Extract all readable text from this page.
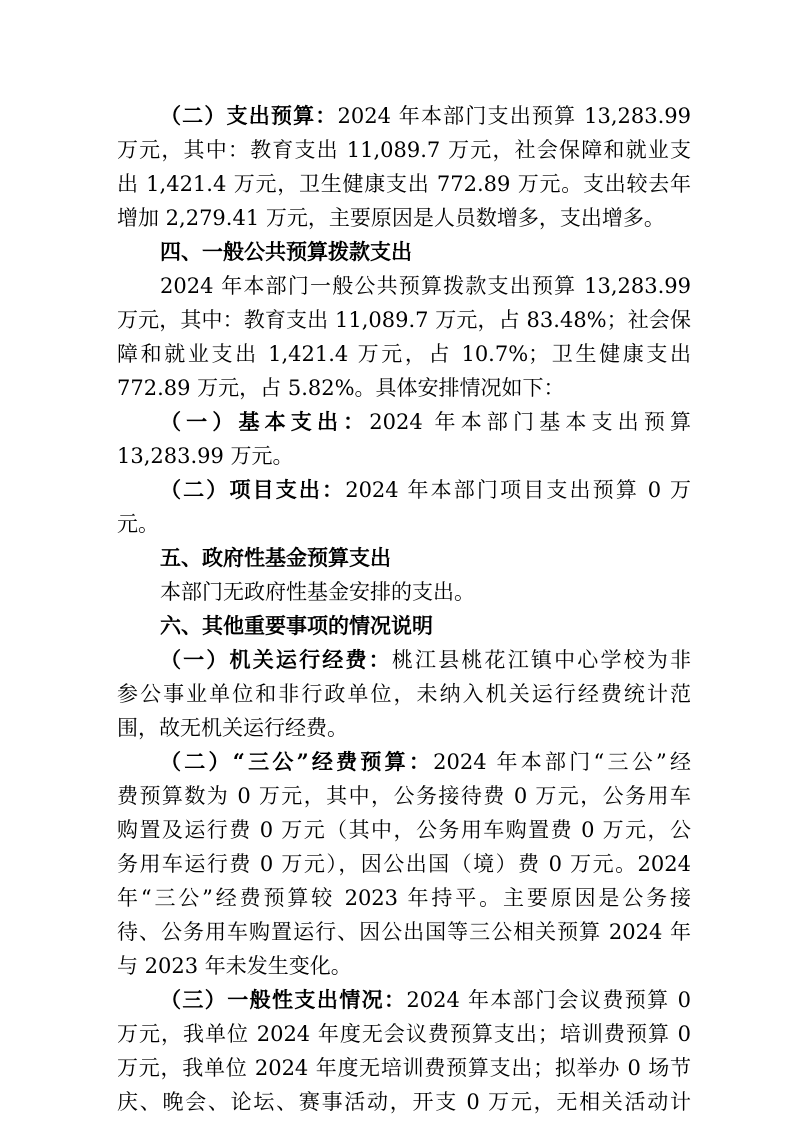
（二）支出预算：2024 年本部门支出预算 13,283.99
万元，其中：教育支出 11,089.7 万元，社会保障和就业支
出 1,421.4 万元，卫生健康支出 772.89 万元。支出较去年
增加 2,279.41 万元，主要原因是人员数增多，支出增多。
四、一般公共预算拨款支出
2024 年本部门一般公共预算拨款支出预算 13,283.99
万元，其中：教育支出 11,089.7 万元，占 83.48%；社会保
障和就业支出 1,421.4 万元，占 10.7%；卫生健康支出
772.89 万元，占 5.82%。具体安排情况如下：
（一）基本支出：2024 年本部门基本支出预算
13,283.99 万元。
（二）项目支出：2024 年本部门项目支出预算 0 万
元。
五、政府性基金预算支出
本部门无政府性基金安排的支出。
六、其他重要事项的情况说明
（一）机关运行经费：桃江县桃花江镇中心学校为非
参公事业单位和非行政单位，未纳入机关运行经费统计范
围，故无机关运行经费。
（二）“三公”经费预算：2024 年本部门“三公”经
费预算数为 0 万元，其中，公务接待费 0 万元，公务用车
购置及运行费 0 万元（其中，公务用车购置费 0 万元，公
务用车运行费 0 万元），因公出国（境）费 0 万元。2024
年“三公”经费预算较 2023 年持平。主要原因是公务接
待、公务用车购置运行、因公出国等三公相关预算 2024 年
与 2023 年未发生变化。
（三）一般性支出情况：2024 年本部门会议费预算 0
万元，我单位 2024 年度无会议费预算支出；培训费预算 0
万元，我单位 2024 年度无培训费预算支出；拟举办 0 场节
庆、晚会、论坛、赛事活动，开支 0 万元，无相关活动计
